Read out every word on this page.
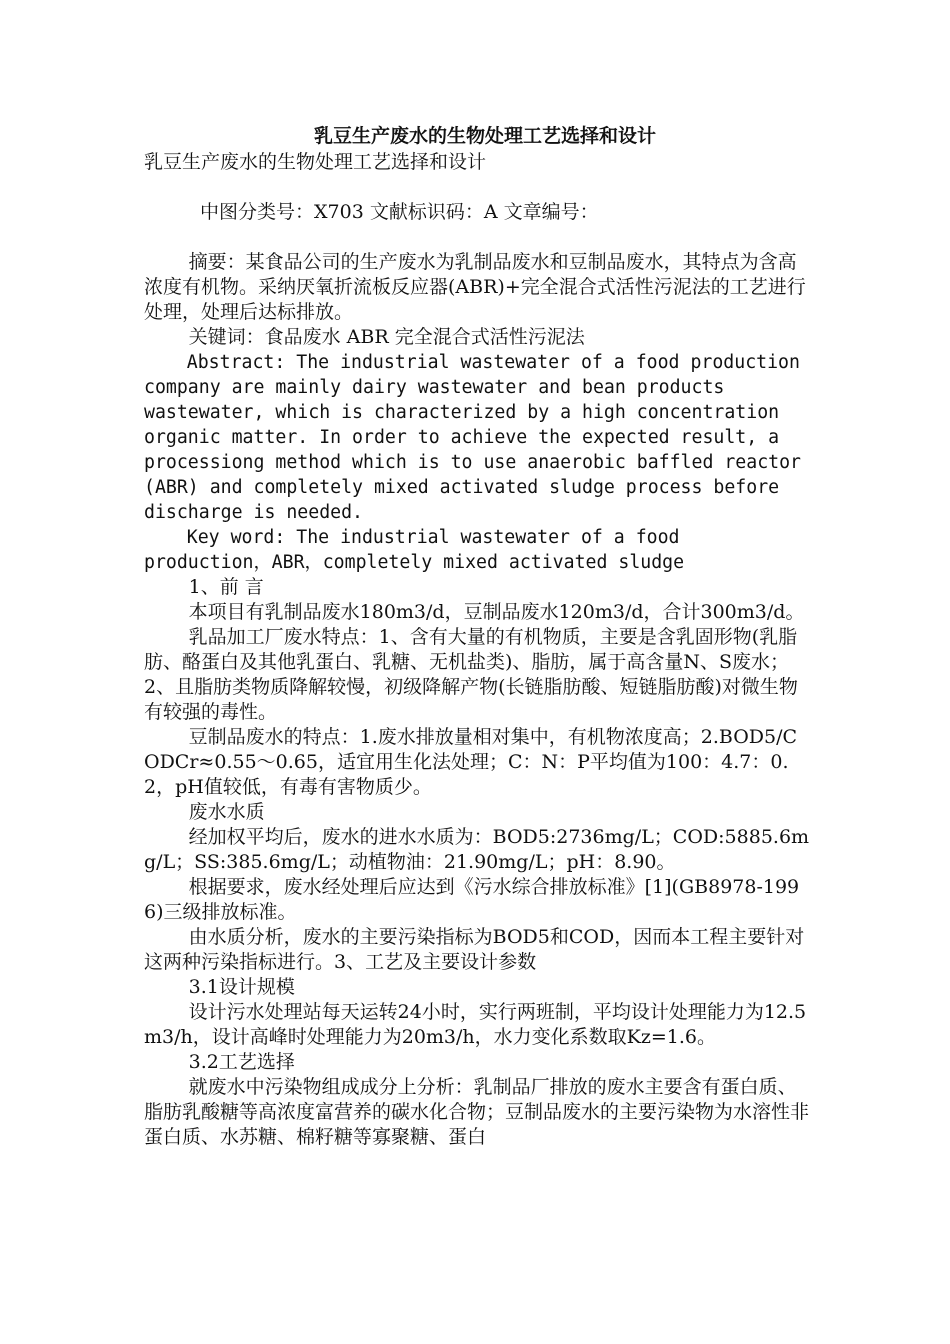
乳豆生产废水的生物处理工艺选择和设计

乳豆生产废水的生物处理工艺选择和设计

中图分类号：X703 文献标识码：A 文章编号：

摘要：某食品公司的生产废水为乳制品废水和豆制品废水，其特点为含高浓度有机物。采纳厌氧折流板反应器(ABR)+完全混合式活性污泥法的工艺进行处理，处理后达标排放。

关键词：食品废水 ABR 完全混合式活性污泥法

Abstract: The industrial wastewater of a food production company are mainly dairy wastewater and bean products wastewater, which is characterized by a high concentration organic matter. In order to achieve the expected result, a processiong method which is to use anaerobic baffled reactor (ABR) and completely mixed activated sludge process before discharge is needed.

Key word: The industrial wastewater of a food production，ABR，completely mixed activated sludge

1、前 言

本项目有乳制品废水180m3/d，豆制品废水120m3/d，合计300m3/d。

乳品加工厂废水特点：1、含有大量的有机物质，主要是含乳固形物(乳脂肪、酪蛋白及其他乳蛋白、乳糖、无机盐类)、脂肪，属于高含量N、S废水；2、且脂肪类物质降解较慢，初级降解产物(长链脂肪酸、短链脂肪酸)对微生物有较强的毒性。

豆制品废水的特点：1.废水排放量相对集中，有机物浓度高；2.BOD5/CODCr≈0.55～0.65，适宜用生化法处理；C：N：P平均值为100：4.7：0.2，pH值较低，有毒有害物质少。

废水水质

经加权平均后，废水的进水水质为：BOD5:2736mg/L；COD:5885.6mg/L；SS:385.6mg/L；动植物油：21.90mg/L；pH：8.90。

根据要求，废水经处理后应达到《污水综合排放标准》[1](GB8978-1996)三级排放标准。

由水质分析，废水的主要污染指标为BOD5和COD，因而本工程主要针对这两种污染指标进行。3、工艺及主要设计参数

3.1设计规模

设计污水处理站每天运转24小时，实行两班制，平均设计处理能力为12.5m3/h，设计高峰时处理能力为20m3/h，水力变化系数取Kz=1.6。

3.2工艺选择

就废水中污染物组成成分上分析：乳制品厂排放的废水主要含有蛋白质、脂肪乳酸糖等高浓度富营养的碳水化合物；豆制品废水的主要污染物为水溶性非蛋白质、水苏糖、棉籽糖等寡聚糖、蛋白
